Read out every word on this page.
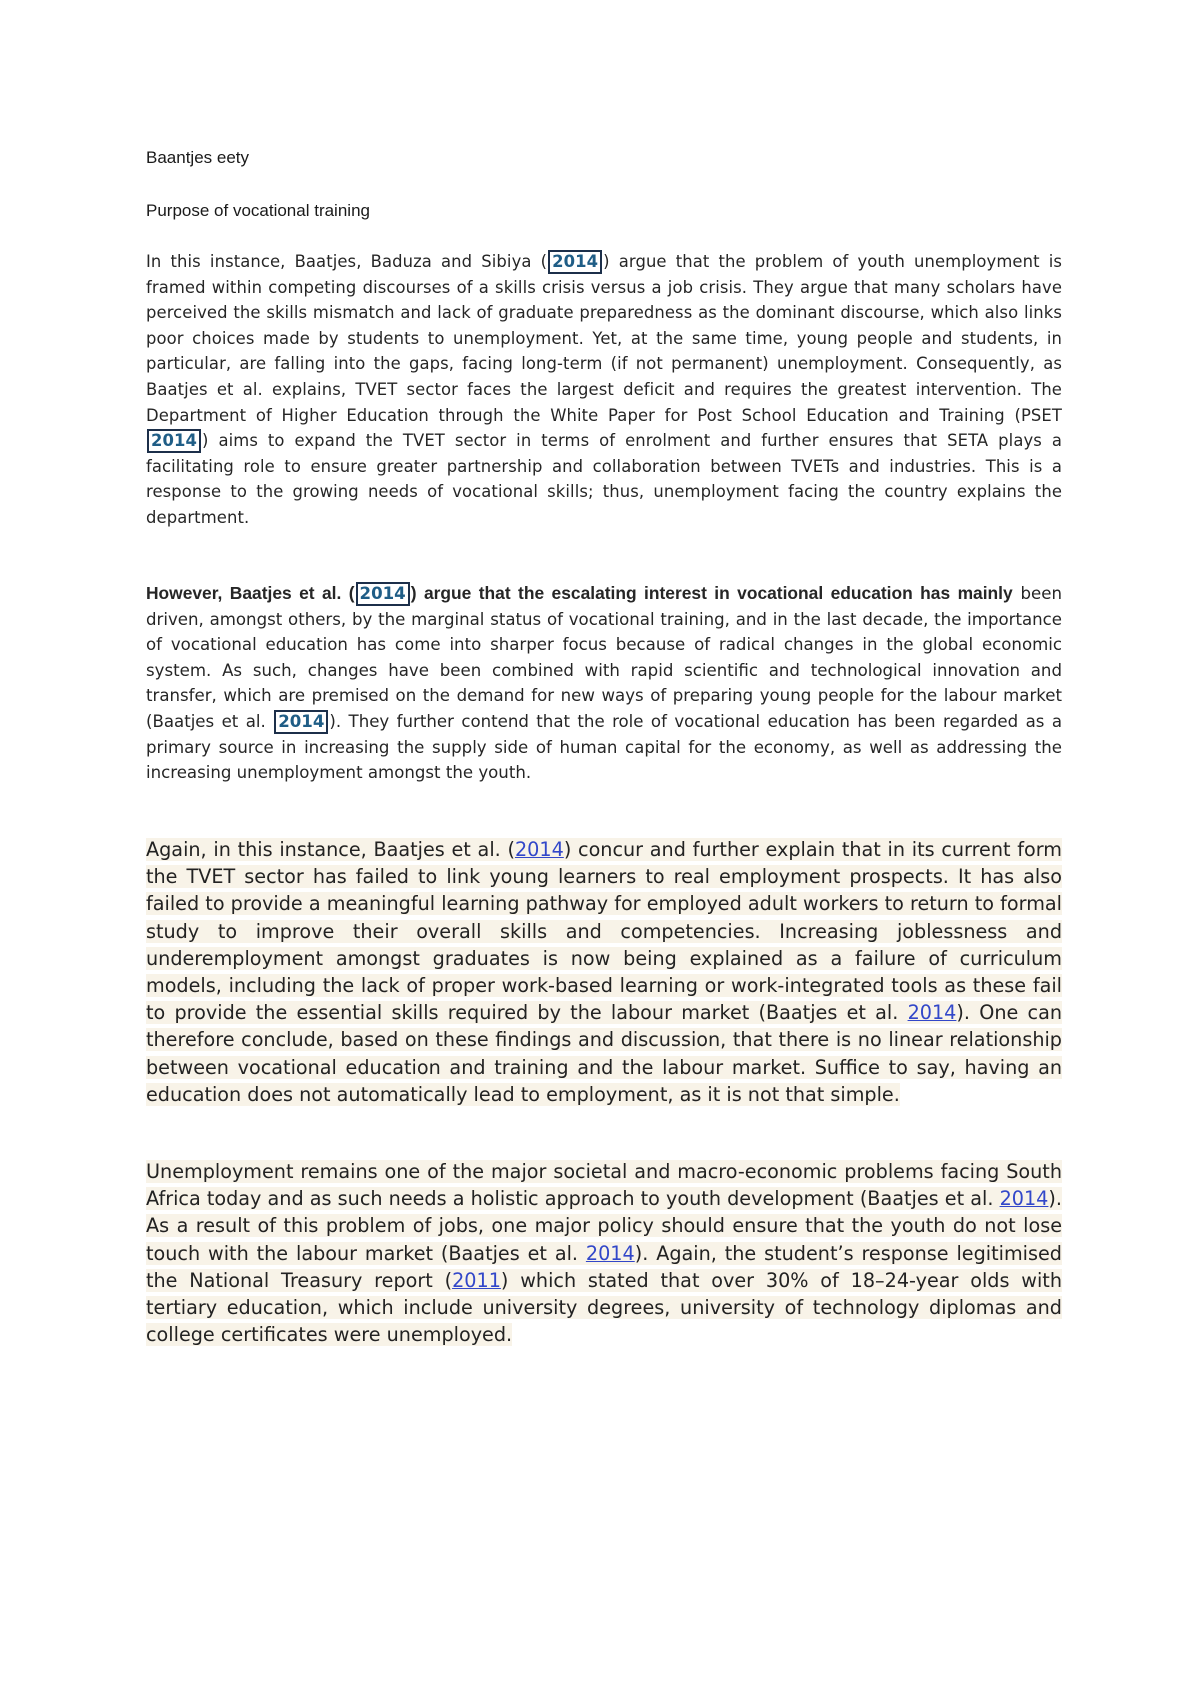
Baantjes eety
Purpose of vocational training

In this instance, Baatjes, Baduza and Sibiya ( 2014 ) argue that the problem of youth unemployment is framed within competing discourses of a skills crisis versus a job crisis. They argue that many scholars have perceived the skills mismatch and lack of graduate preparedness as the dominant discourse, which also links poor choices made by students to unemployment. Yet, at the same time, young people and students, in particular, are falling into the gaps, facing long-term (if not permanent) unemployment. Consequently, as Baatjes et al. explains, TVET sector faces the largest deficit and requires the greatest intervention. The Department of Higher Education through the White Paper for Post School Education and Training (PSET 2014 ) aims to expand the TVET sector in terms of enrolment and further ensures that SETA plays a facilitating role to ensure greater partnership and collaboration between TVETs and industries. This is a response to the growing needs of vocational skills; thus, unemployment facing the country explains the department.

However, Baatjes et al. ( 2014 ) argue that the escalating interest in vocational education has mainly been driven, amongst others, by the marginal status of vocational training, and in the last decade, the importance of vocational education has come into sharper focus because of radical changes in the global economic system. As such, changes have been combined with rapid scientific and technological innovation and transfer, which are premised on the demand for new ways of preparing young people for the labour market (Baatjes et al. 2014 ). They further contend that the role of vocational education has been regarded as a primary source in increasing the supply side of human capital for the economy, as well as addressing the increasing unemployment amongst the youth.

Again, in this instance, Baatjes et al. (2014) concur and further explain that in its current form the TVET sector has failed to link young learners to real employment prospects. It has also failed to provide a meaningful learning pathway for employed adult workers to return to formal study to improve their overall skills and competencies. Increasing joblessness and underemployment amongst graduates is now being explained as a failure of curriculum models, including the lack of proper work-based learning or work-integrated tools as these fail to provide the essential skills required by the labour market (Baatjes et al. 2014). One can therefore conclude, based on these findings and discussion, that there is no linear relationship between vocational education and training and the labour market. Suffice to say, having an education does not automatically lead to employment, as it is not that simple.

Unemployment remains one of the major societal and macro-economic problems facing South Africa today and as such needs a holistic approach to youth development (Baatjes et al. 2014). As a result of this problem of jobs, one major policy should ensure that the youth do not lose touch with the labour market (Baatjes et al. 2014). Again, the student’s response legitimised the National Treasury report (2011) which stated that over 30% of 18–24-year olds with tertiary education, which include university degrees, university of technology diplomas and college certificates were unemployed.
